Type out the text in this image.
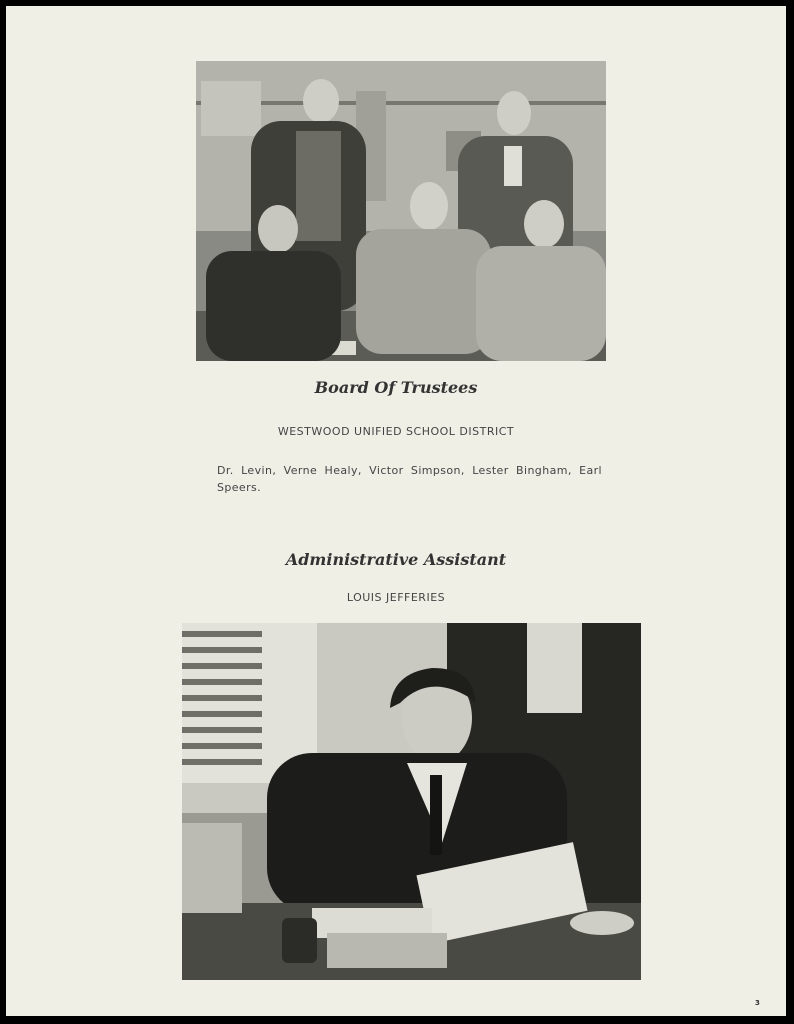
Board Of Trustees
WESTWOOD UNIFIED SCHOOL DISTRICT
Dr. Levin, Verne Healy, Victor Simpson, Lester Bingham, Earl Speers.
Administrative Assistant
LOUIS JEFFERIES
3
